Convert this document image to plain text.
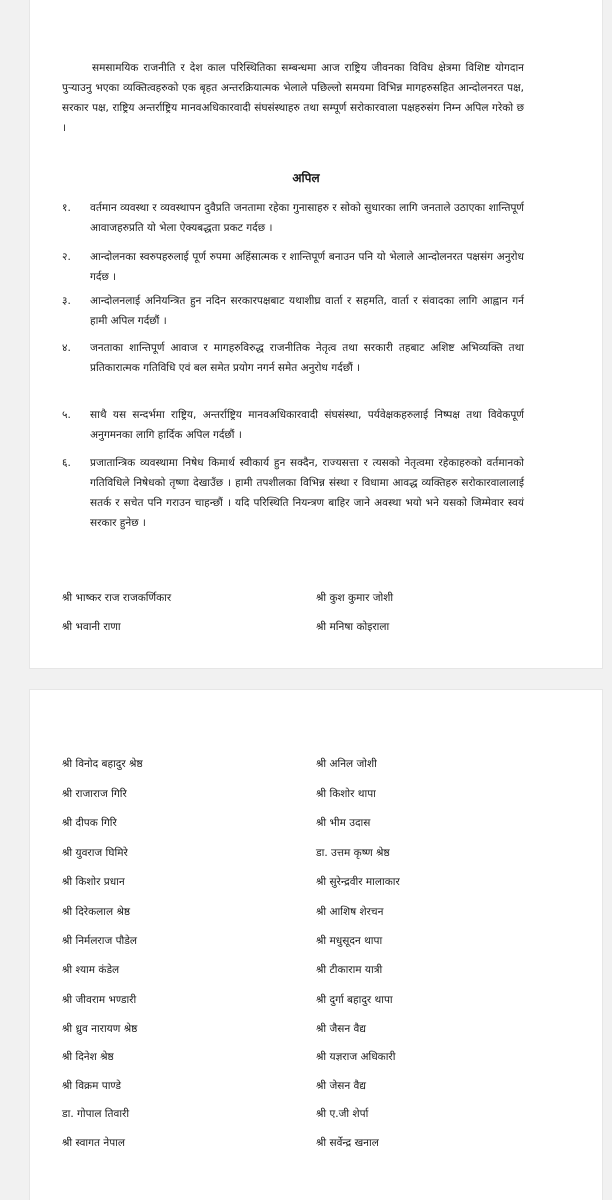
समसामयिक राजनीति र देश काल परिस्थितिका सम्बन्धमा आज राष्ट्रिय जीवनका विविध क्षेत्रमा विशिष्ट योगदान पुर्‍याउनु भएका व्यक्तित्वहरुको एक बृहत अन्तरक्रियात्मक भेलाले पछिल्लो समयमा विभिन्न मागहरुसहित आन्दोलनरत पक्ष, सरकार पक्ष, राष्ट्रिय अन्तर्राष्ट्रिय मानवअधिकारवादी संघसंस्थाहरु तथा सम्पूर्ण सरोकारवाला पक्षहरुसंग निम्न अपिल गरेको छ ।

अपिल
१.	वर्तमान व्यवस्था र व्यवस्थापन दुवैप्रति जनतामा रहेका गुनासाहरु र सोको सुधारका लागि जनताले उठाएका शान्तिपूर्ण आवाजहरुप्रति यो भेला ऐक्यबद्धता प्रकट गर्दछ ।
२.	आन्दोलनका स्वरुपहरुलाई पूर्ण रुपमा अहिंसात्मक र शान्तिपूर्ण बनाउन पनि यो भेलाले आन्दोलनरत पक्षसंग अनुरोध गर्दछ ।
३.	आन्दोलनलाई अनियन्त्रित हुन नदिन सरकारपक्षबाट यथाशीघ्र वार्ता र सहमति, वार्ता र संवादका लागि आह्वान गर्न हामी अपिल गर्दछौं ।
४.	जनताका शान्तिपूर्ण आवाज र मागहरुविरुद्ध राजनीतिक नेतृत्व तथा सरकारी तहबाट अशिष्ट अभिव्यक्ति तथा प्रतिकारात्मक गतिविधि एवं बल समेत प्रयोग नगर्न समेत अनुरोध गर्दछौं ।
५.	साथै यस सन्दर्भमा राष्ट्रिय, अन्तर्राष्ट्रिय मानवअधिकारवादी संघसंस्था, पर्यवेक्षकहरुलाई निष्पक्ष तथा विवेकपूर्ण अनुगमनका लागि हार्दिक अपिल गर्दछौं ।
६.	प्रजातान्त्रिक व्यवस्थामा निषेध किमार्थ स्वीकार्य हुन सक्दैन, राज्यसत्ता र त्यसको नेतृत्वमा रहेकाहरुको वर्तमानको गतिविधिले निषेधको तृष्णा देखाउँछ । हामी तपशीलका विभिन्न संस्था र विधामा आवद्ध व्यक्तिहरु सरोकारवालालाई सतर्क र सचेत पनि गराउन चाहन्छौं । यदि परिस्थिति नियन्त्रण बाहिर जाने अवस्था भयो भने यसको जिम्मेवार स्वयं सरकार हुनेछ ।
श्री भाष्कर राज राजकर्णिकार	श्री कुश कुमार जोशी
श्री भवानी राणा	श्री मनिषा कोइराला
श्री विनोद बहादुर श्रेष्ठ	श्री अनिल जोशी
श्री राजाराज गिरि	श्री किशोर थापा
श्री दीपक गिरि	श्री भीम उदास
श्री युवराज घिमिरे	डा. उत्तम कृष्ण श्रेष्ठ
श्री किशोर प्रधान	श्री सुरेन्द्रवीर मालाकार
श्री दिरेकलाल श्रेष्ठ	श्री आशिष शेरचन
श्री निर्मलराज पौडेल	श्री मधुसूदन थापा
श्री श्याम कंडेल	श्री टीकाराम यात्री
श्री जीवराम भण्डारी	श्री दुर्गा बहादुर थापा
श्री ध्रुव नारायण श्रेष्ठ	श्री जैसन वैद्य
श्री दिनेश श्रेष्ठ	श्री यज्ञराज अधिकारी
श्री विक्रम पाण्डे	श्री जेसन वैद्य
डा. गोपाल तिवारी	श्री ए.जी शेर्पा
श्री स्वागत नेपाल	श्री सर्वेन्द्र खनाल
